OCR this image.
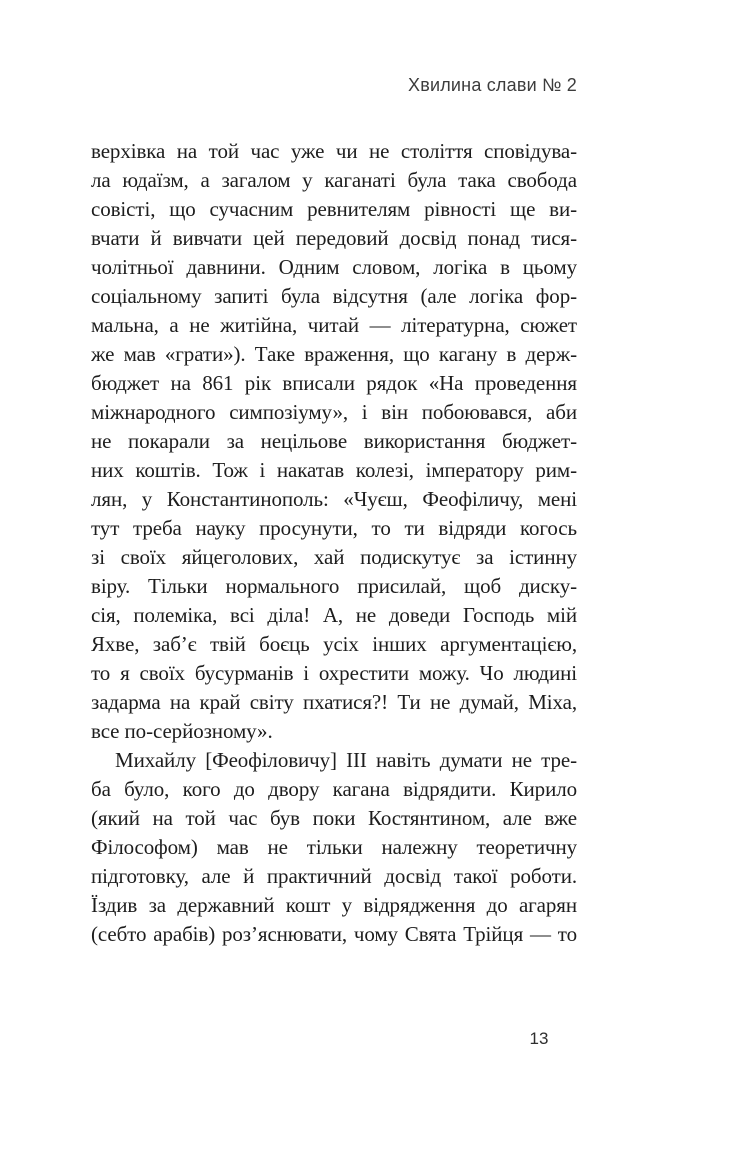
Хвилина слави № 2
верхівка на той час уже чи не століття сповідува-
ла юдаїзм, а загалом у каганаті була така свобода
совісті, що сучасним ревнителям рівності ще ви-
вчати й вивчати цей передовий досвід понад тися-
чолітньої давнини. Одним словом, логіка в цьому
соціальному запиті була відсутня (але логіка фор-
мальна, а не житійна, читай — літературна, сюжет
же мав «грати»). Таке враження, що кагану в держ-
бюджет на 861 рік вписали рядок «На проведення
міжнародного симпозіуму», і він побоювався, аби
не покарали за нецільове використання бюджет-
них коштів. Тож і накатав колезі, імператору рим-
лян, у Константинополь: «Чуєш, Феофіличу, мені
тут треба науку просунути, то ти відряди когось
зі своїх яйцеголових, хай подискутує за істинну
віру. Тільки нормального присилай, щоб диску-
сія, полеміка, всі діла! А, не доведи Господь мій
Яхве, заб’є твій боєць усіх інших аргументацією,
то я своїх бусурманів і охрестити можу. Чо людині
задарма на край світу пхатися?! Ти не думай, Міха,
все по-серйозному».
Михайлу [Феофіловичу] ІІІ навіть думати не тре-
ба було, кого до двору кагана відрядити. Кирило
(який на той час був поки Костянтином, але вже
Філософом) мав не тільки належну теоретичну
підготовку, але й практичний досвід такої роботи.
Їздив за державний кошт у відрядження до агарян
(себто арабів) роз’яснювати, чому Свята Трійця — то
13
